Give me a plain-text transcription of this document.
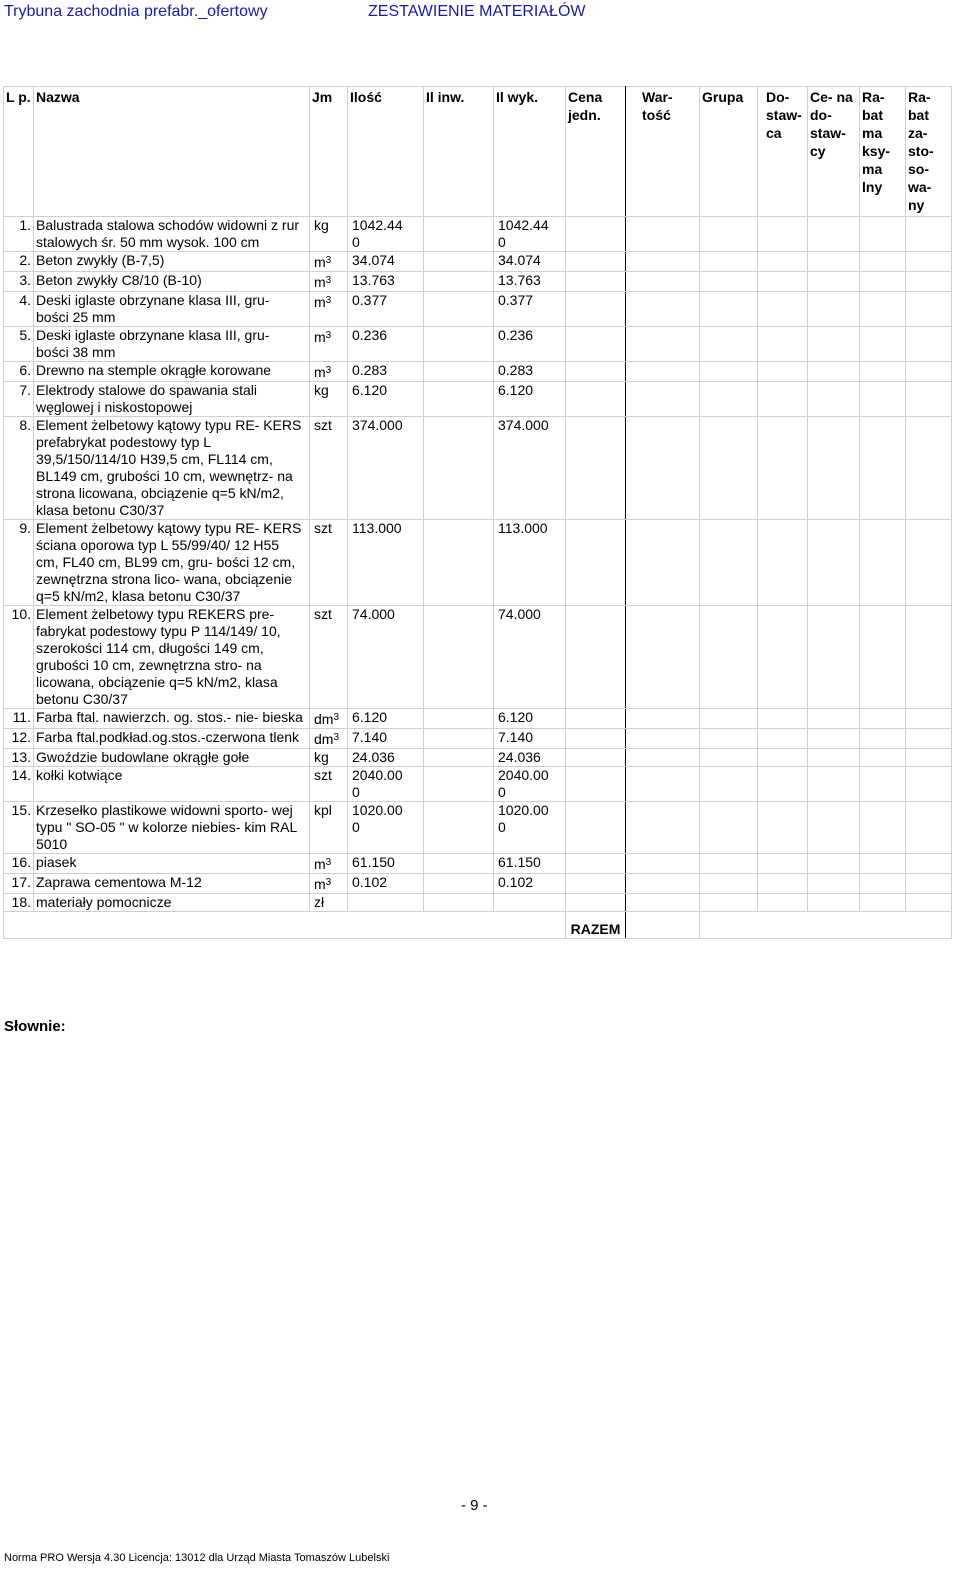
Trybuna zachodnia prefabr._ofertowy	ZESTAWIENIE MATERIAŁÓW
L p.	Nazwa	Jm	Ilość	Il inw.	Il wyk.	Cena jedn.	War- tość	Grupa	Do- staw- ca	Ce- na do- staw- cy	Ra- bat ma ksy- ma lny	Ra- bat za- sto- so- wa- ny
1.	Balustrada stalowa schodów widowni z rur stalowych śr. 50 mm wysok. 100 cm	kg	1042.44 0		1042.44 0							
2.	Beton zwykły (B-7,5)	$m^3$	34.074		34.074							
3.	Beton zwykły C8/10 (B-10)	$m^3$	13.763		13.763							
4.	Deski iglaste obrzynane klasa III, gru- bości 25 mm	$m^3$	0.377		0.377							
5.	Deski iglaste obrzynane klasa III, gru- bości 38 mm	$m^3$	0.236		0.236							
6.	Drewno na stemple okrągłe korowane	$m^3$	0.283		0.283							
7.	Elektrody stalowe do spawania stali węglowej i niskostopowej	kg	6.120		6.120							
8.	Element żelbetowy kątowy typu RE- KERS prefabrykat podestowy typ L 39,5/150/114/10 H39,5 cm, FL114 cm, BL149 cm, grubości 10 cm, wewnętrz- na strona licowana, obciązenie q=5 kN/m2, klasa betonu C30/37	szt	374.000		374.000							
9.	Element żelbetowy kątowy typu RE- KERS ściana oporowa typ L 55/99/40/ 12 H55 cm, FL40 cm, BL99 cm, gru- bości 12 cm, zewnętrzna strona lico- wana, obciązenie q=5 kN/m2, klasa betonu C30/37	szt	113.000		113.000							
10.	Element żelbetowy typu REKERS pre- fabrykat podestowy typu P 114/149/ 10, szerokości 114 cm, długości 149 cm, grubości 10 cm, zewnętrzna stro- na licowana, obciązenie q=5 kN/m2, klasa betonu C30/37	szt	74.000		74.000							
11.	Farba ftal. nawierzch. og. stos.- nie- bieska	$dm^3$	6.120		6.120							
12.	Farba ftal.podkład.og.stos.-czerwona tlenk	$dm^3$	7.140		7.140							
13.	Gwoździe budowlane okrągłe gołe	kg	24.036		24.036							
14.	kołki kotwiące	szt	2040.00 0		2040.00 0							
15.	Krzesełko plastikowe widowni sporto- wej typu " SO-05 " w kolorze niebies- kim RAL 5010	kpl	1020.00 0		1020.00 0							
16.	piasek	$m^3$	61.150		61.150							
17.	Zaprawa cementowa M-12	$m^3$	0.102		0.102							
18.	materiały pomocnicze	zł										
						RAZEM						
Słownie:
- 9 -
Norma PRO Wersja 4.30 Licencja: 13012 dla Urząd Miasta Tomaszów Lubelski
